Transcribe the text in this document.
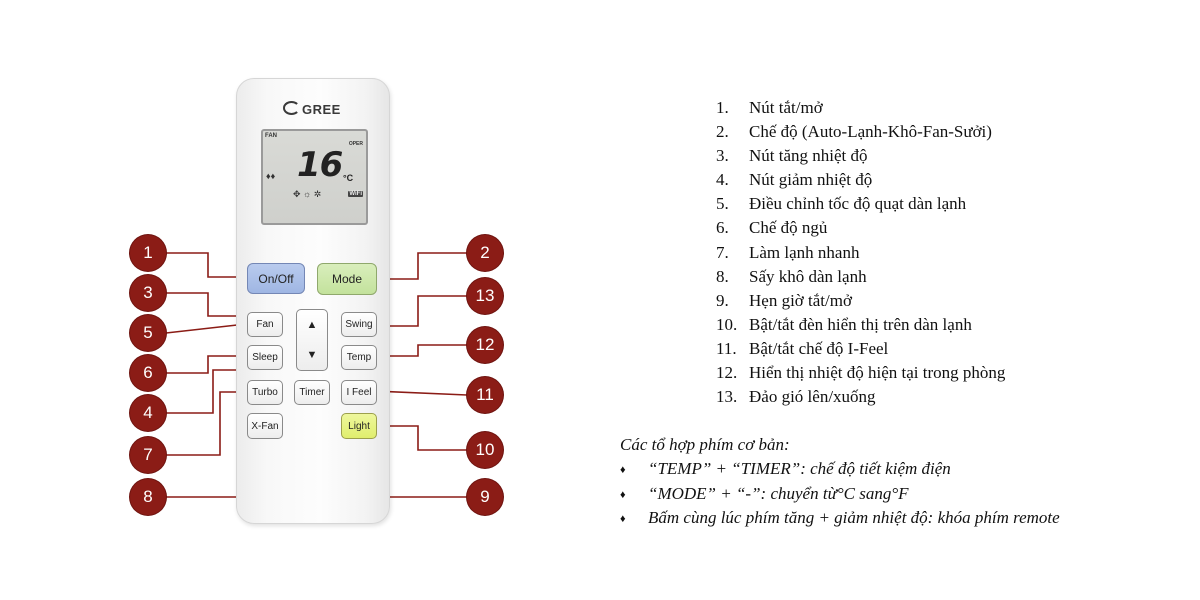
GREE
FAN
OPER
♦♦ 16 °C
✥ ☼ ✲	WiFi
On/Off	Mode
Fan	▲
▼
Swing
Sleep	Temp
Turbo	Timer	I Feel
X-Fan	Light
1
3
5
6
4
7
8
2
13
12
11
10
9
1. Nút tắt/mở
2. Chế độ (Auto-Lạnh-Khô-Fan-Sưởi)
3. Nút tăng nhiệt độ
4. Nút giảm nhiệt độ
5. Điều chỉnh tốc độ quạt dàn lạnh
6. Chế độ ngủ
7. Làm lạnh nhanh
8. Sấy khô dàn lạnh
9. Hẹn giờ tắt/mở
10. Bật/tắt đèn hiển thị trên dàn lạnh
11. Bật/tắt chế độ I-Feel
12. Hiển thị nhiệt độ hiện tại trong phòng
13. Đảo gió lên/xuống
Các tổ hợp phím cơ bản:
♦ “TEMP” + “TIMER”: chế độ tiết kiệm điện
♦ “MODE” + “-”: chuyển từ°C sang°F
♦ Bấm cùng lúc phím tăng + giảm nhiệt độ: khóa phím remote
